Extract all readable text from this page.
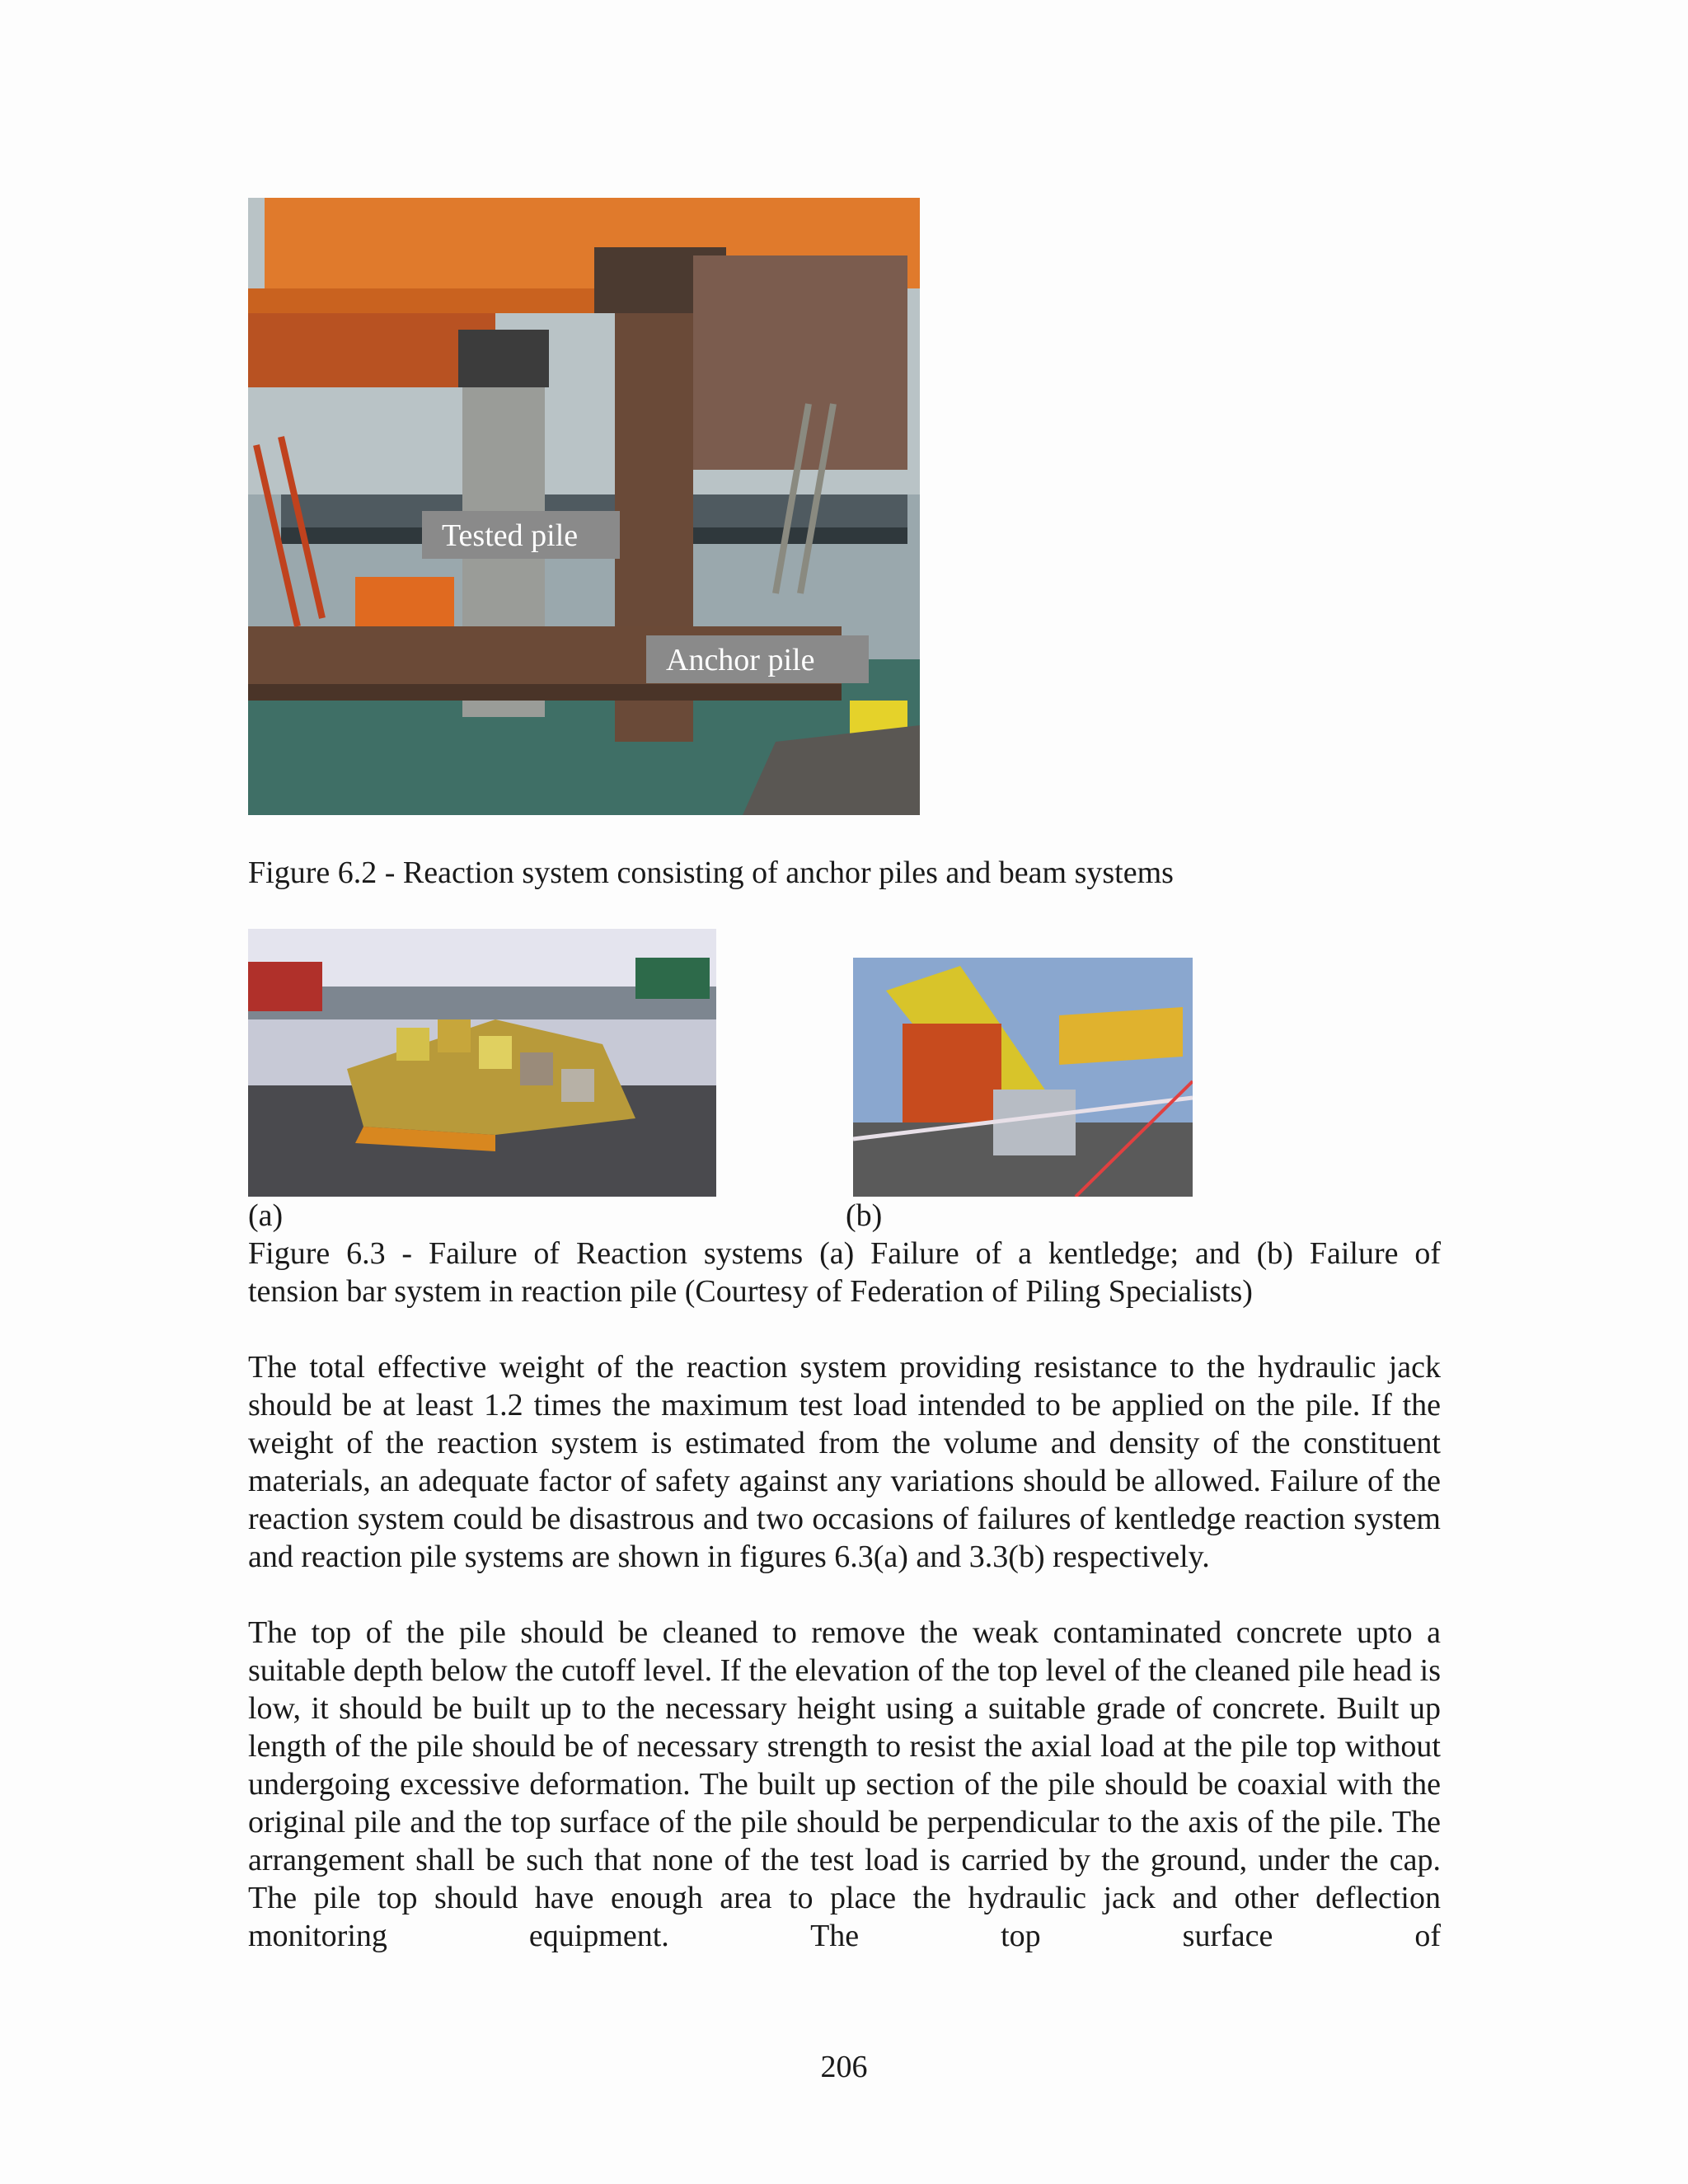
Tested pile
Anchor pile
Figure 6.2 - Reaction system consisting of anchor piles and beam systems
(a)	(b)

Figure 6.3 - Failure of Reaction systems (a) Failure of a kentledge; and (b) Failure of
tension bar system in reaction pile (Courtesy of Federation of Piling Specialists)

The total effective weight of the reaction system providing resistance to the hydraulic jack should be at least 1.2 times the maximum test load intended to be applied on the pile. If the weight of the reaction system is estimated from the volume and density of the constituent materials, an adequate factor of safety against any variations should be allowed. Failure of the reaction system could be disastrous and two occasions of failures of kentledge reaction system and reaction pile systems are shown in figures 6.3(a) and 3.3(b) respectively.

The top of the pile should be cleaned to remove the weak contaminated concrete upto a suitable depth below the cutoff level. If the elevation of the top level of the cleaned pile head is low, it should be built up to the necessary height using a suitable grade of concrete. Built up length of the pile should be of necessary strength to resist the axial load at the pile top without undergoing excessive deformation. The built up section of the pile should be coaxial with the original pile and the top surface of the pile should be perpendicular to the axis of the pile. The arrangement shall be such that none of the test load is carried by the ground, under the cap. The pile top should have enough area to place the hydraulic jack and other deflection monitoring equipment. The top surface of

206
